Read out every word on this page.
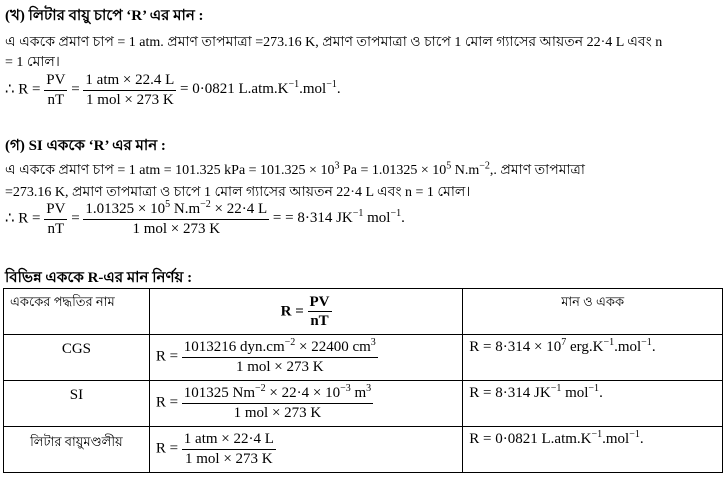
(খ) লিটার বায়ু চাপে ‘R’ এর মান :
এ এককে প্রমাণ চাপ = 1 atm. প্রমাণ তাপমাত্রা =273.16 K, প্রমাণ তাপমাত্রা ও চাপে 1 মোল গ্যাসের আয়তন 22·4 L এবং n
= 1 মোল।
∴ $R = \frac{PV}{nT} = \frac{\text{1 atm × 22.4 L}}{\text{1 mol × 273 K}} = 0\cdot 0821$ $L.atm.K^{-1}.mol^{-1}$.
(গ) SI এককে ‘R’ এর মান :
এ এককে প্রমাণ চাপ = 1 atm = 101.325 kPa = $101.325 \times 10^3$ $Pa = 1.01325 \times 10^5$ $N.m^{-2}$,. প্রমাণ তাপমাত্রা
=273.16 K, প্রমাণ তাপমাত্রা ও চাপে 1 মোল গ্যাসের আয়তন 22·4 L এবং n = 1 মোল।
∴ $R = \frac{PV}{nT} = \frac{1.01325 \times 10^5 N.m^{-2} \times 22\cdot 4 L}{\text{1 mol × 273 K}}$ = = 8·314 $JK^{-1}$ mol$^{-1}$.
বিভিন্ন এককে R-এর মান নির্ণয় :
এককের পদ্ধতির নাম	$R = \frac{PV}{nT}$	মান ও একক
CGS	$R = \frac{1013216 dyn.cm^{-2} \times 22400 cm^3}{\text{1 mol × 273 K}}$	$R = 8\cdot 314 \times 10^7$ $erg.K^{-1}.mol^{-1}$.
SI	$R = \frac{101325 Nm^{-2} \times 22\cdot 4 \times 10^{-3} m^3}{\text{1 mol × 273 K}}$	R = 8·314 $JK^{-1}$ mol$^{-1}$.
লিটার বায়ুমণ্ডলীয়	$R = \frac{\text{1 atm × 22·4 L}}{\text{1 mol × 273 K}}$	R = 0·0821 $L.atm.K^{-1}.mol^{-1}$.
